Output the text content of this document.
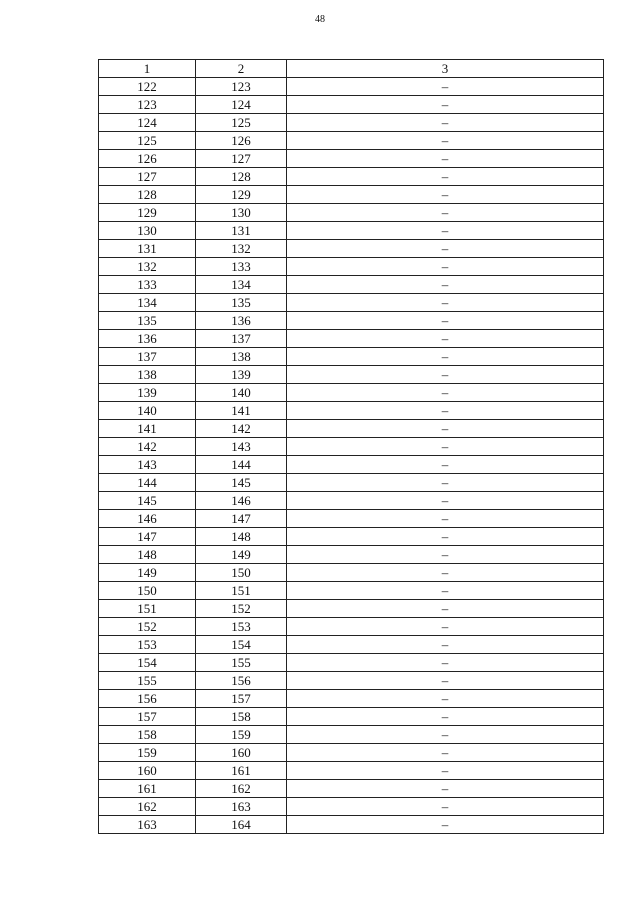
48
1	2	3
122	123	–
123	124	–
124	125	–
125	126	–
126	127	–
127	128	–
128	129	–
129	130	–
130	131	–
131	132	–
132	133	–
133	134	–
134	135	–
135	136	–
136	137	–
137	138	–
138	139	–
139	140	–
140	141	–
141	142	–
142	143	–
143	144	–
144	145	–
145	146	–
146	147	–
147	148	–
148	149	–
149	150	–
150	151	–
151	152	–
152	153	–
153	154	–
154	155	–
155	156	–
156	157	–
157	158	–
158	159	–
159	160	–
160	161	–
161	162	–
162	163	–
163	164	–
